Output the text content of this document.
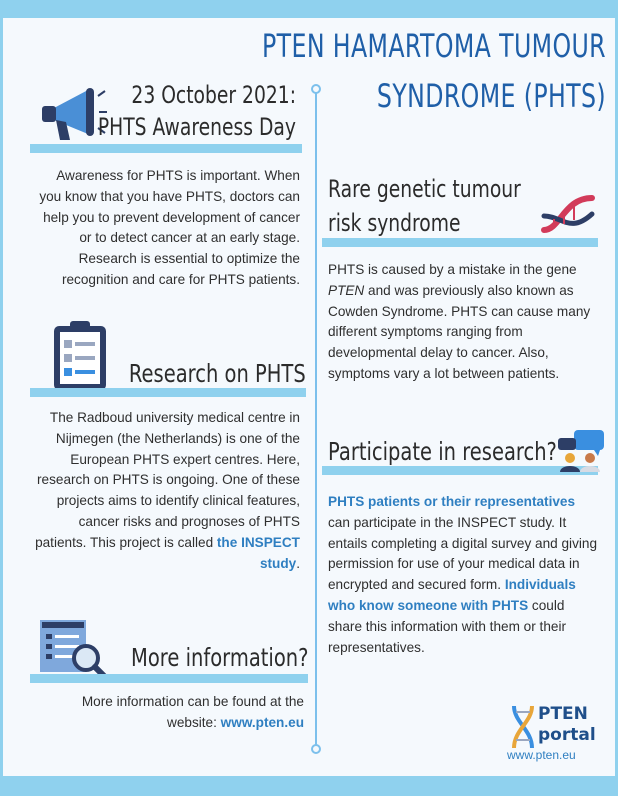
PTEN HAMARTOMA TUMOUR
SYNDROME (PHTS)
23 October 2021:
PHTS Awareness Day
Awareness for PHTS is important. When you know that you have PHTS, doctors can help you to prevent development of cancer or to detect cancer at an early stage. Research is essential to optimize the recognition and care for PHTS patients.
Research on PHTS
The Radboud university medical centre in Nijmegen (the Netherlands) is one of the European PHTS expert centres. Here, research on PHTS is ongoing. One of these projects aims to identify clinical features, cancer risks and prognoses of PHTS patients. This project is called the INSPECT study.
More information?
More information can be found at the website: www.pten.eu
Rare genetic tumour
risk syndrome
PHTS is caused by a mistake in the gene PTEN and was previously also known as Cowden Syndrome. PHTS can cause many different symptoms ranging from developmental delay to cancer. Also, symptoms vary a lot between patients.
Participate in research?
PHTS patients or their representatives can participate in the INSPECT study. It entails completing a digital survey and giving permission for use of your medical data in encrypted and secured form. Individuals who know someone with PHTS could share this information with them or their representatives.
PTEN
portal
www.pten.eu
